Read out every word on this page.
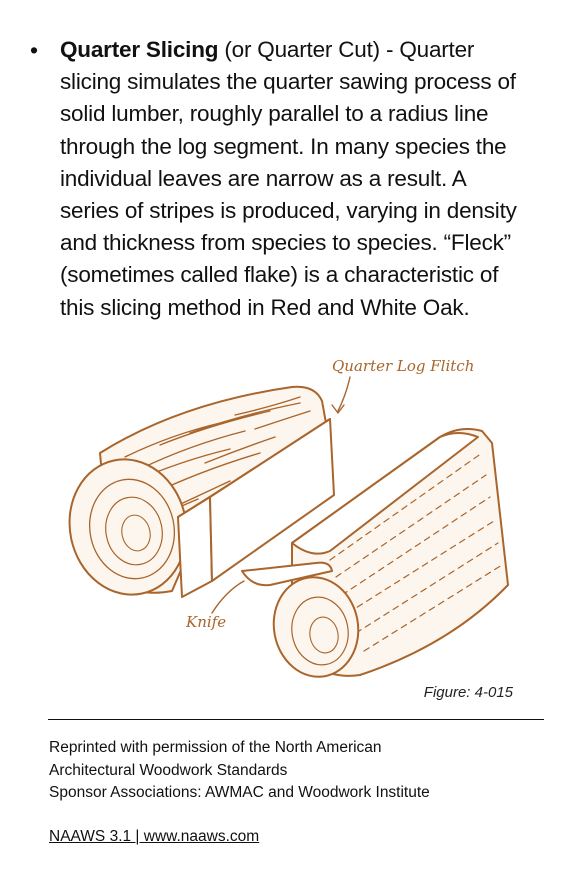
• Quarter Slicing (or Quarter Cut) - Quarter slicing simulates the quarter sawing process of solid lumber, roughly parallel to a radius line through the log segment. In many species the individual leaves are narrow as a result. A series of stripes is produced, varying in density and thickness from species to species. “Fleck” (sometimes called flake) is a characteristic of this slicing method in Red and White Oak.
Quarter Log Flitch
Knife
Figure: 4-015
Reprinted with permission of the North American
Architectural Woodwork Standards
Sponsor Associations: AWMAC and Woodwork Institute
NAAWS 3.1 | www.naaws.com
